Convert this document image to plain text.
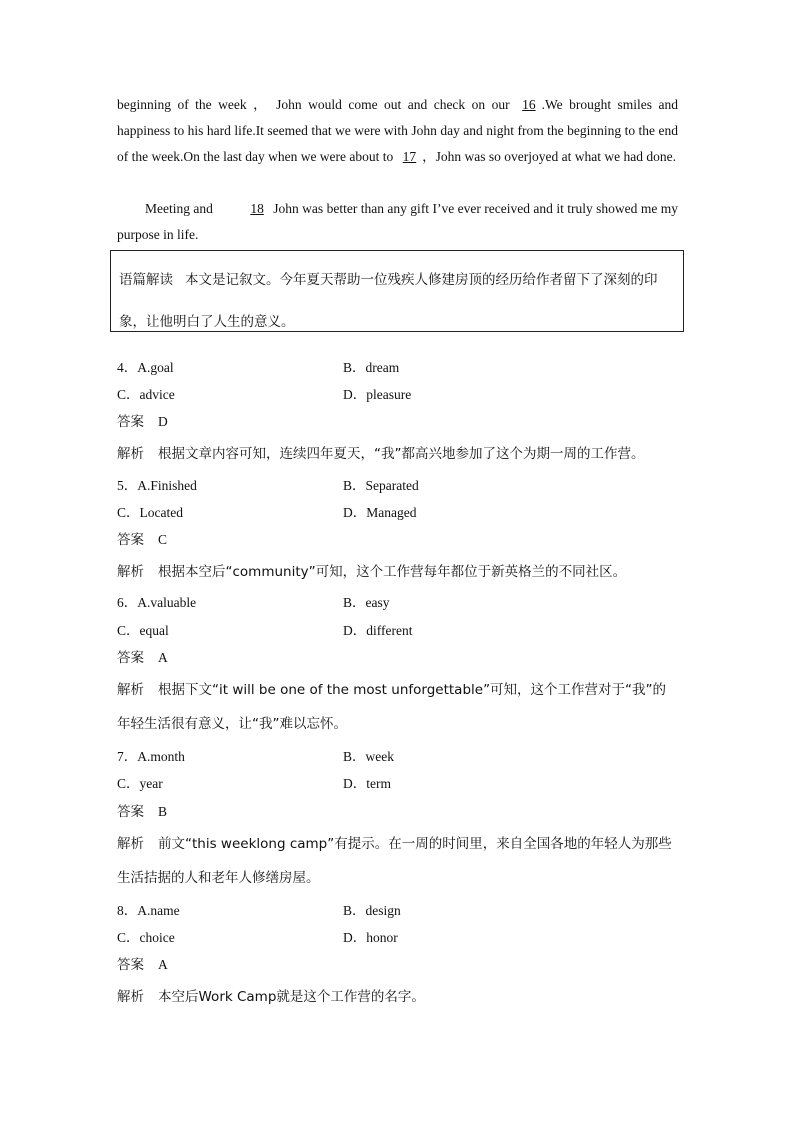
beginning of the week ， John would come out and check on our 16 .We brought smiles and happiness to his hard life.It seemed that we were with John day and night from the beginning to the end of the week.On the last day when we were about to 17 ，John was so overjoyed at what we had done.
Meeting and	18 John was better than any gift I’ve ever received and it truly showed me my purpose in life.
语篇解读 本文是记叙文。今年夏天帮助一位残疾人修建房顶的经历给作者留下了深刻的印象，让他明白了人生的意义。
4．A.goal	B．dream
C．advice	D．pleasure
答案 D
解析 根据文章内容可知，连续四年夏天，“我”都高兴地参加了这个为期一周的工作营。
5．A.Finished	B．Separated
C．Located	D．Managed
答案 C
解析 根据本空后“community”可知，这个工作营每年都位于新英格兰的不同社区。
6．A.valuable	B．easy
C．equal	D．different
答案 A
解析 根据下文“it will be one of the most unforgettable”可知，这个工作营对于“我”的年轻生活很有意义，让“我”难以忘怀。
7．A.month	B．week
C．year	D．term
答案 B
解析 前文“this weeklong camp”有提示。在一周的时间里，来自全国各地的年轻人为那些生活拮据的人和老年人修缮房屋。
8．A.name	B．design
C．choice	D．honor
答案 A
解析 本空后Work Camp就是这个工作营的名字。
